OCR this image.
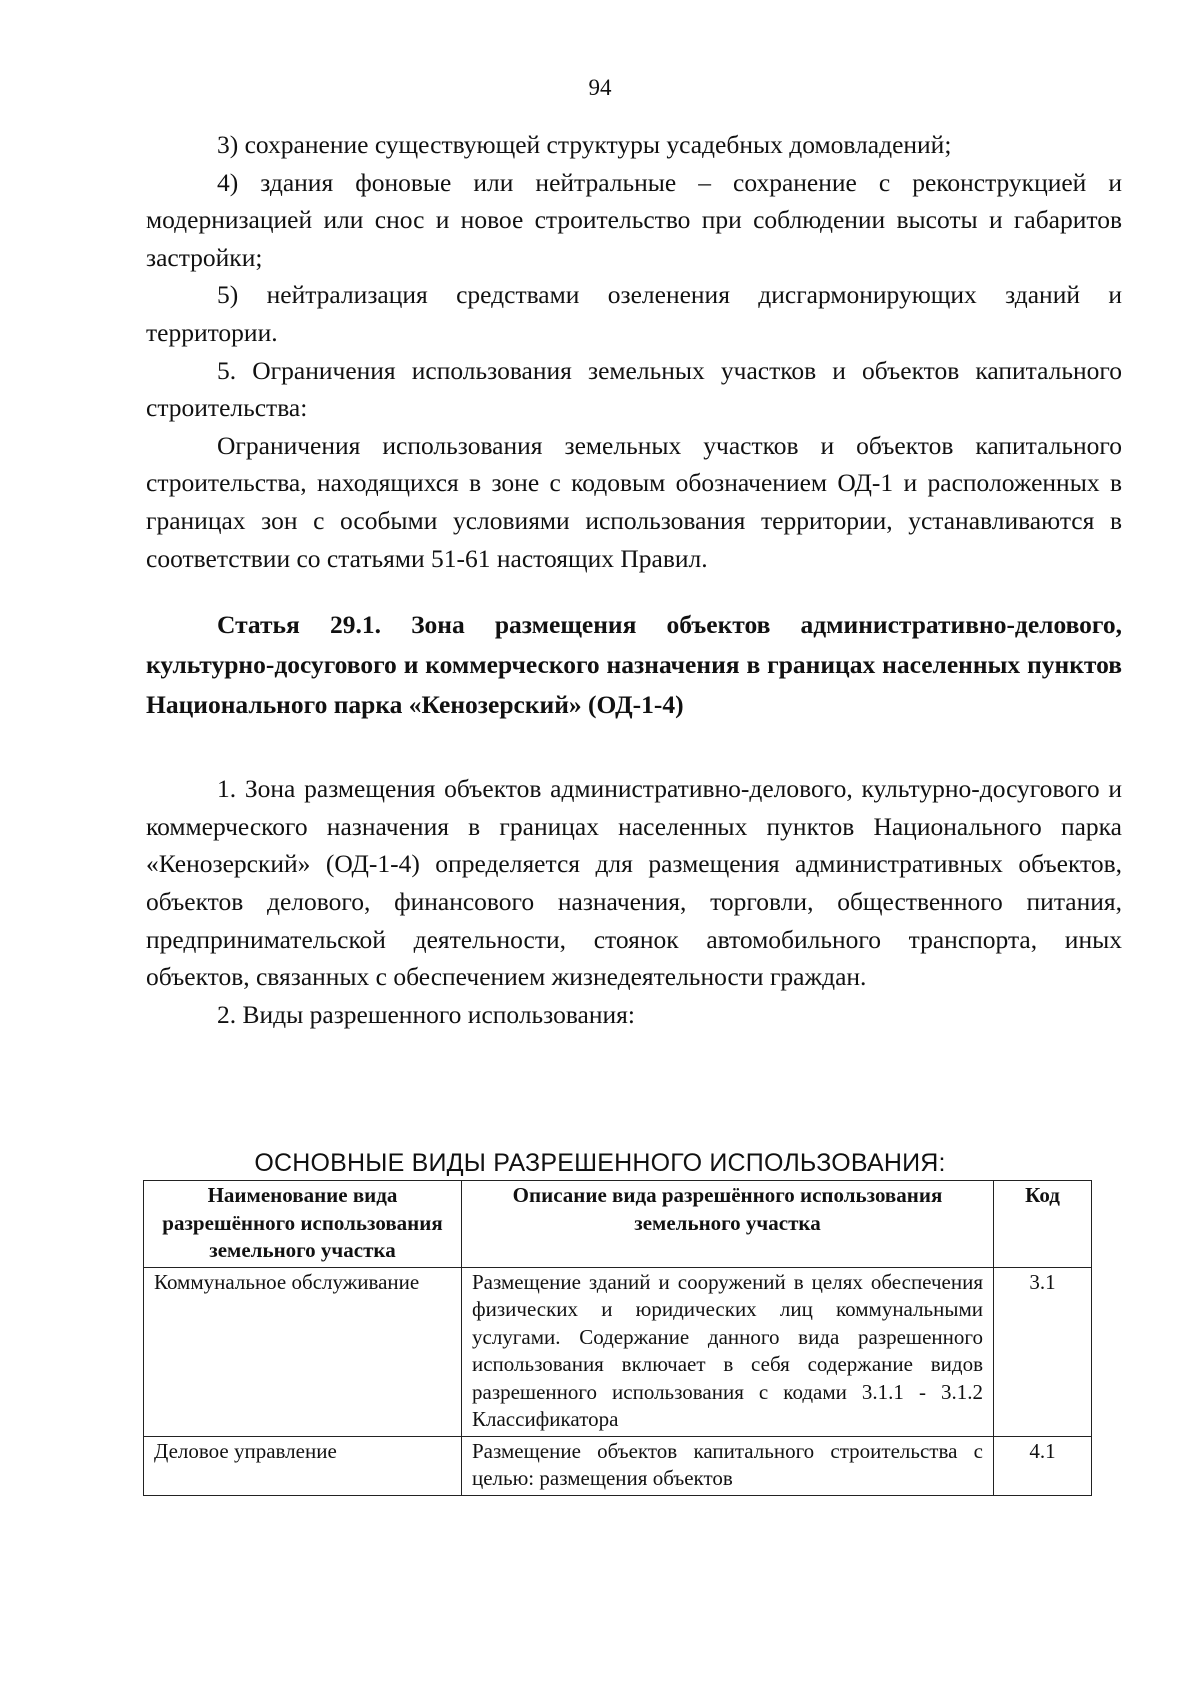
94

3) сохранение существующей структуры усадебных домовладений;

4) здания фоновые или нейтральные – сохранение с реконструкцией и модернизацией или снос и новое строительство при соблюдении высоты и габаритов застройки;

5) нейтрализация средствами озеленения дисгармонирующих зданий и территории.

5. Ограничения использования земельных участков и объектов капитального строительства:

Ограничения использования земельных участков и объектов капитального строительства, находящихся в зоне с кодовым обозначением ОД-1 и расположенных в границах зон с особыми условиями использования территории, устанавливаются в соответствии со статьями 51-61 настоящих Правил.

Статья 29.1. Зона размещения объектов административно-делового, культурно-досугового и коммерческого назначения в границах населенных пунктов Национального парка «Кенозерский» (ОД-1-4)

1. Зона размещения объектов административно-делового, культурно-досугового и коммерческого назначения в границах населенных пунктов Национального парка «Кенозерский» (ОД-1-4) определяется для размещения административных объектов, объектов делового, финансового назначения, торговли, общественного питания, предпринимательской деятельности, стоянок автомобильного транспорта, иных объектов, связанных с обеспечением жизнедеятельности граждан.

2. Виды разрешенного использования:

ОСНОВНЫЕ ВИДЫ РАЗРЕШЕННОГО ИСПОЛЬЗОВАНИЯ:
Наименование вида разрешённого использования земельного участка	Описание вида разрешённого использования земельного участка	Код
Коммунальное обслуживание	Размещение зданий и сооружений в целях обеспечения физических и юридических лиц коммунальными услугами. Содержание данного вида разрешенного использования включает в себя содержание видов разрешенного использования с кодами 3.1.1 - 3.1.2 Классификатора	3.1
Деловое управление	Размещение объектов капитального строительства с целью: размещения объектов	4.1
